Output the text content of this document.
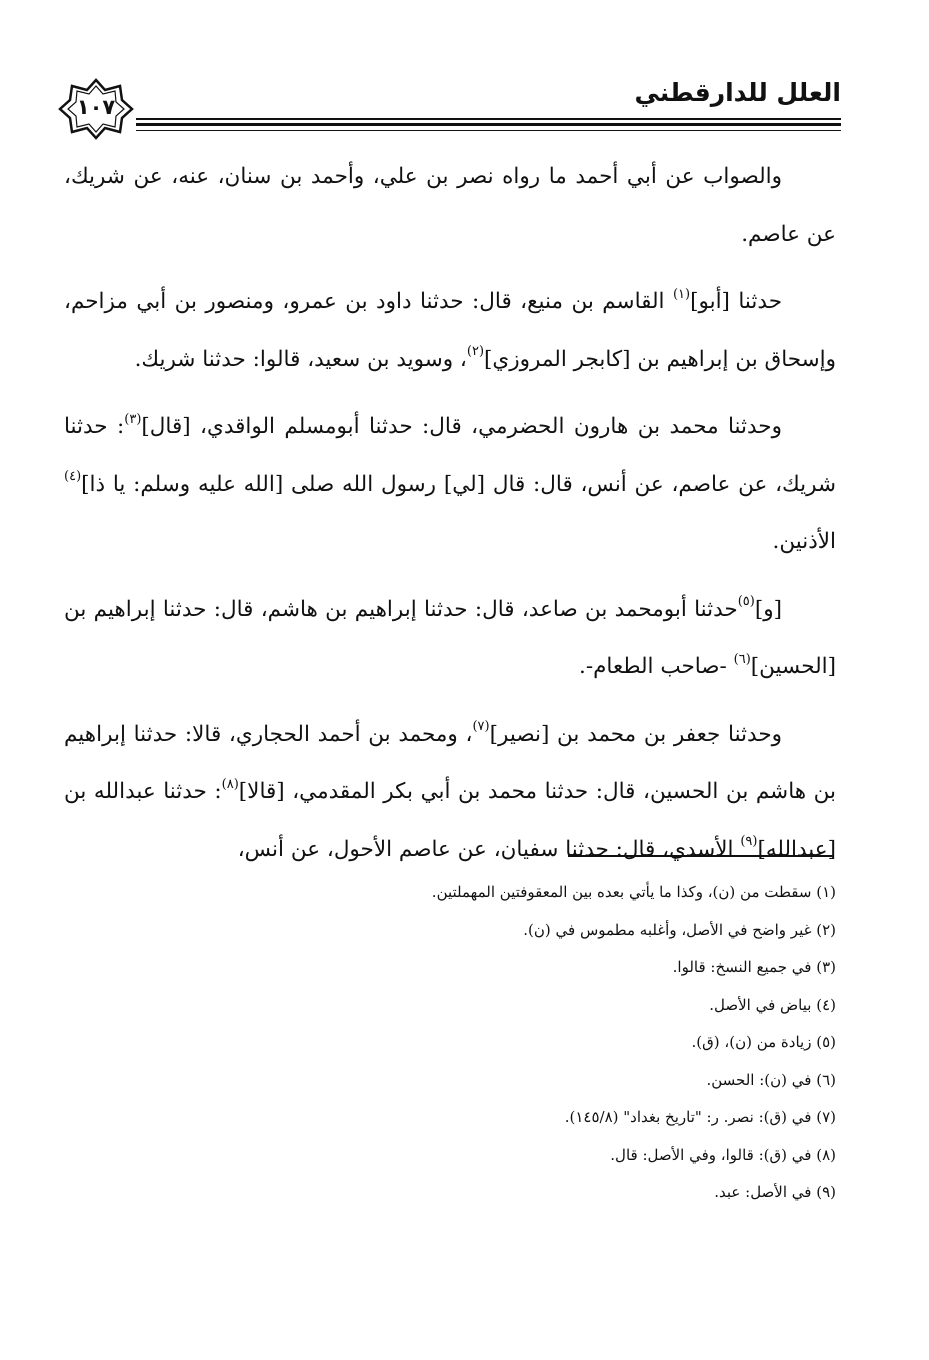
العلل للدارقطني
١٠٧

والصواب عن أبي أحمد ما رواه نصر بن علي، وأحمد بن سنان، عنه، عن شريك، عن عاصم.

حدثنا [أبو]$^{(١)}$ القاسم بن منيع، قال: حدثنا داود بن عمرو، ومنصور بن أبي مزاحم، وإسحاق بن إبراهيم بن [كابجر المروزي]$^{(٢)}$، وسويد بن سعيد، قالوا: حدثنا شريك.

وحدثنا محمد بن هارون الحضرمي، قال: حدثنا أبومسلم الواقدي، [قال]$^{(٣)}$: حدثنا شريك، عن عاصم، عن أنس، قال: قال [لي] رسول الله صلى [الله عليه وسلم: يا ذا]$^{(٤)}$ الأذنين.

[و]$^{(٥)}$حدثنا أبومحمد بن صاعد، قال: حدثنا إبراهيم بن هاشم، قال: حدثنا إبراهيم بن [الحسين]$^{(٦)}$ -صاحب الطعام-.

وحدثنا جعفر بن محمد بن [نصير]$^{(٧)}$، ومحمد بن أحمد الحجاري، قالا: حدثنا إبراهيم بن هاشم بن الحسين، قال: حدثنا محمد بن أبي بكر المقدمي، [قالا]$^{(٨)}$: حدثنا عبدالله بن [عبدالله]$^{(٩)}$ الأسدي، قال: حدثنا سفيان، عن عاصم الأحول، عن أنس،

(١) سقطت من (ن)، وكذا ما يأتي بعده بين المعقوفتين المهملتين.
(٢) غير واضح في الأصل، وأغلبه مطموس في (ن).
(٣) في جميع النسخ: قالوا.
(٤) بياض في الأصل.
(٥) زيادة من (ن)، (ق).
(٦) في (ن): الحسن.
(٧) في (ق): نصر. ر: "تاريخ بغداد" (١٤٥/٨).
(٨) في (ق): قالوا، وفي الأصل: قال.
(٩) في الأصل: عبد.
